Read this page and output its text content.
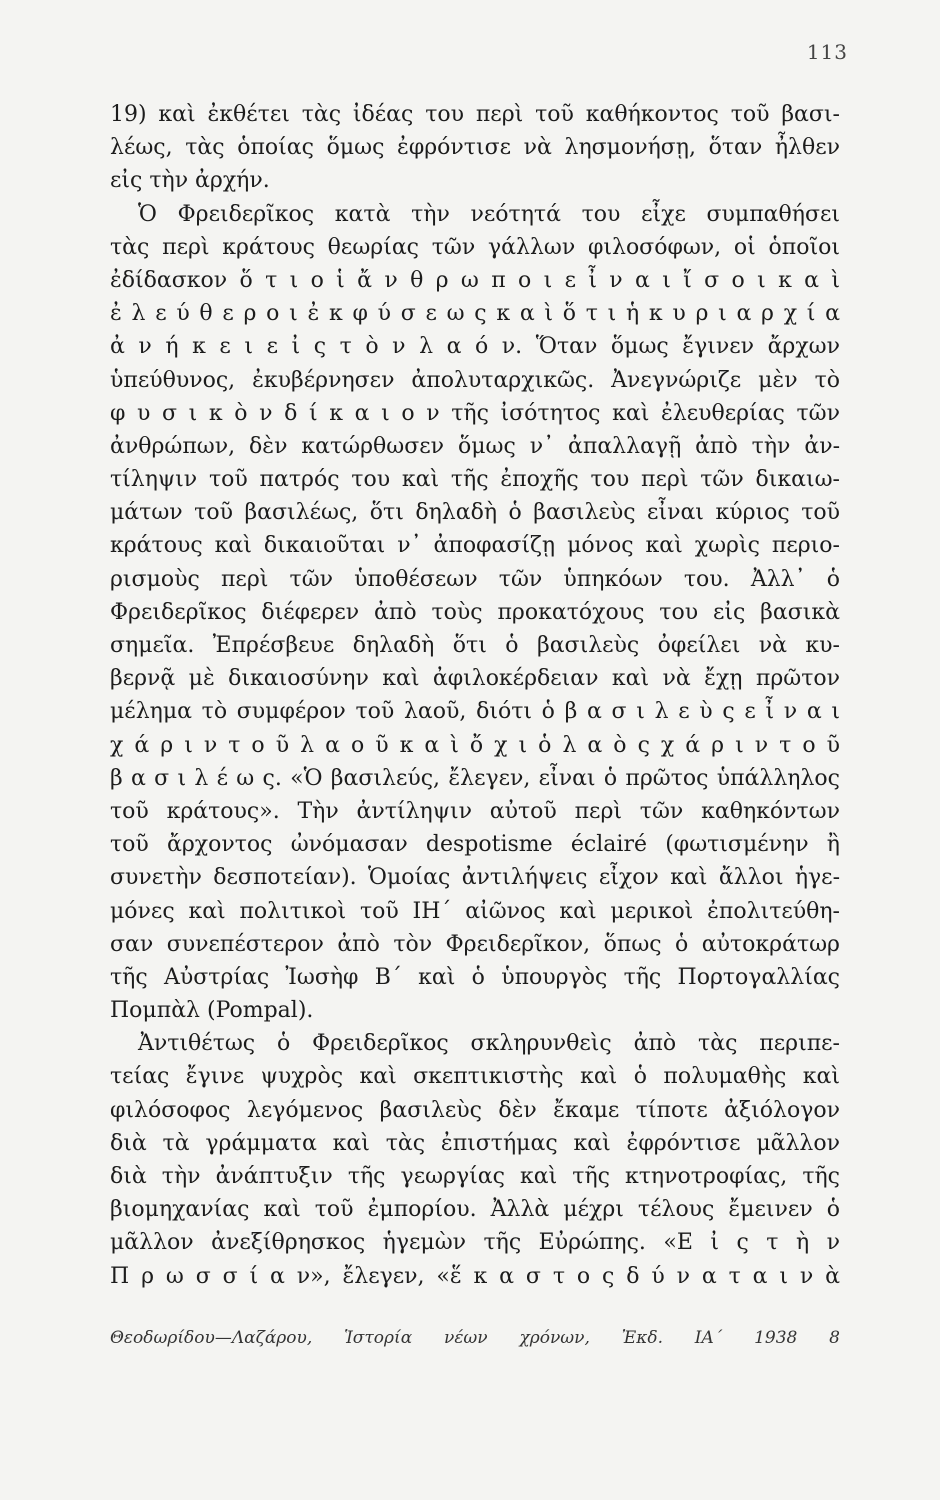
113
19) καὶ ἐκθέτει τὰς ἰδέας του περὶ τοῦ καθήκοντος τοῦ βασι-
λέως, τὰς ὁποίας ὅμως ἐφρόντισε νὰ λησμονήσῃ, ὅταν ἦλθεν
εἰς τὴν ἀρχήν.
Ὁ Φρειδερῖκος κατὰ τὴν νεότητά του εἶχε συμπαθήσει
τὰς περὶ κράτους θεωρίας τῶν γάλλων φιλοσόφων, οἱ ὁποῖοι
ἐδίδασκον ὅ τ ι ο ἱ ἄ ν θ ρ ω π ο ι ε ἶ ν α ι ἴ σ ο ι κ α ὶ
ἐ λ ε ύ θ ε ρ ο ι ἐ κ φ ύ σ ε ω ς κ α ὶ ὅ τ ι ἡ κ υ ρ ι α ρ χ ί α
ἀ ν ή κ ε ι ε ἰ ς τ ὸ ν λ α ό ν. Ὅταν ὅμως ἔγινεν ἄρχων
ὑπεύθυνος, ἐκυβέρνησεν ἀπολυταρχικῶς. Ἀνεγνώριζε μὲν τὸ
φ υ σ ι κ ὸ ν δ ί κ α ι ο ν τῆς ἰσότητος καὶ ἐλευθερίας τῶν
ἀνθρώπων, δὲν κατώρθωσεν ὅμως ν᾽ ἀπαλλαγῇ ἀπὸ τὴν ἀν-
τίληψιν τοῦ πατρός του καὶ τῆς ἐποχῆς του περὶ τῶν δικαιω-
μάτων τοῦ βασιλέως, ὅτι δηλαδὴ ὁ βασιλεὺς εἶναι κύριος τοῦ
κράτους καὶ δικαιοῦται ν᾽ ἀποφασίζῃ μόνος καὶ χωρὶς περιο-
ρισμοὺς περὶ τῶν ὑποθέσεων τῶν ὑπηκόων του. Ἀλλ᾽ ὁ
Φρειδερῖκος διέφερεν ἀπὸ τοὺς προκατόχους του εἰς βασικὰ
σημεῖα. Ἐπρέσβευε δηλαδὴ ὅτι ὁ βασιλεὺς ὀφείλει νὰ κυ-
βερνᾷ μὲ δικαιοσύνην καὶ ἀφιλοκέρδειαν καὶ νὰ ἔχῃ πρῶτον
μέλημα τὸ συμφέρον τοῦ λαοῦ, διότι ὁ β α σ ι λ ε ὺ ς ε ἶ ν α ι
χ ά ρ ι ν τ ο ῦ λ α ο ῦ κ α ὶ ὄ χ ι ὁ λ α ὸ ς χ ά ρ ι ν τ ο ῦ
β α σ ι λ έ ω ς. «Ὁ βασιλεύς, ἔλεγεν, εἶναι ὁ πρῶτος ὑπάλληλος
τοῦ κράτους». Τὴν ἀντίληψιν αὐτοῦ περὶ τῶν καθηκόντων
τοῦ ἄρχοντος ὠνόμασαν despotisme éclairé (φωτισμένην ἢ
συνετὴν δεσποτείαν). Ὁμοίας ἀντιλήψεις εἶχον καὶ ἄλλοι ἡγε-
μόνες καὶ πολιτικοὶ τοῦ ΙΗ΄ αἰῶνος καὶ μερικοὶ ἐπολιτεύθη-
σαν συνεπέστερον ἀπὸ τὸν Φρειδερῖκον, ὅπως ὁ αὐτοκράτωρ
τῆς Αὐστρίας Ἰωσὴφ Β΄ καὶ ὁ ὑπουργὸς τῆς Πορτογαλλίας
Πομπὰλ (Pompal).
Ἀντιθέτως ὁ Φρειδερῖκος σκληρυνθεὶς ἀπὸ τὰς περιπε-
τείας ἔγινε ψυχρὸς καὶ σκεπτικιστὴς καὶ ὁ πολυμαθὴς καὶ
φιλόσοφος λεγόμενος βασιλεὺς δὲν ἔκαμε τίποτε ἀξιόλογον
διὰ τὰ γράμματα καὶ τὰς ἐπιστήμας καὶ ἐφρόντισε μᾶλλον
διὰ τὴν ἀνάπτυξιν τῆς γεωργίας καὶ τῆς κτηνοτροφίας, τῆς
βιομηχανίας καὶ τοῦ ἐμπορίου. Ἀλλὰ μέχρι τέλους ἔμεινεν ὁ
μᾶλλον ἀνεξίθρησκος ἡγεμὼν τῆς Εὐρώπης. «Ε ἰ ς τ ὴ ν
Π ρ ω σ σ ί α ν», ἔλεγεν, «ἕ κ α σ τ ο ς δ ύ ν α τ α ι ν ὰ
Θεοδωρίδου—Λαζάρου, Ἱστορία νέων χρόνων, Ἐκδ. ΙΑ΄ 1938 8
